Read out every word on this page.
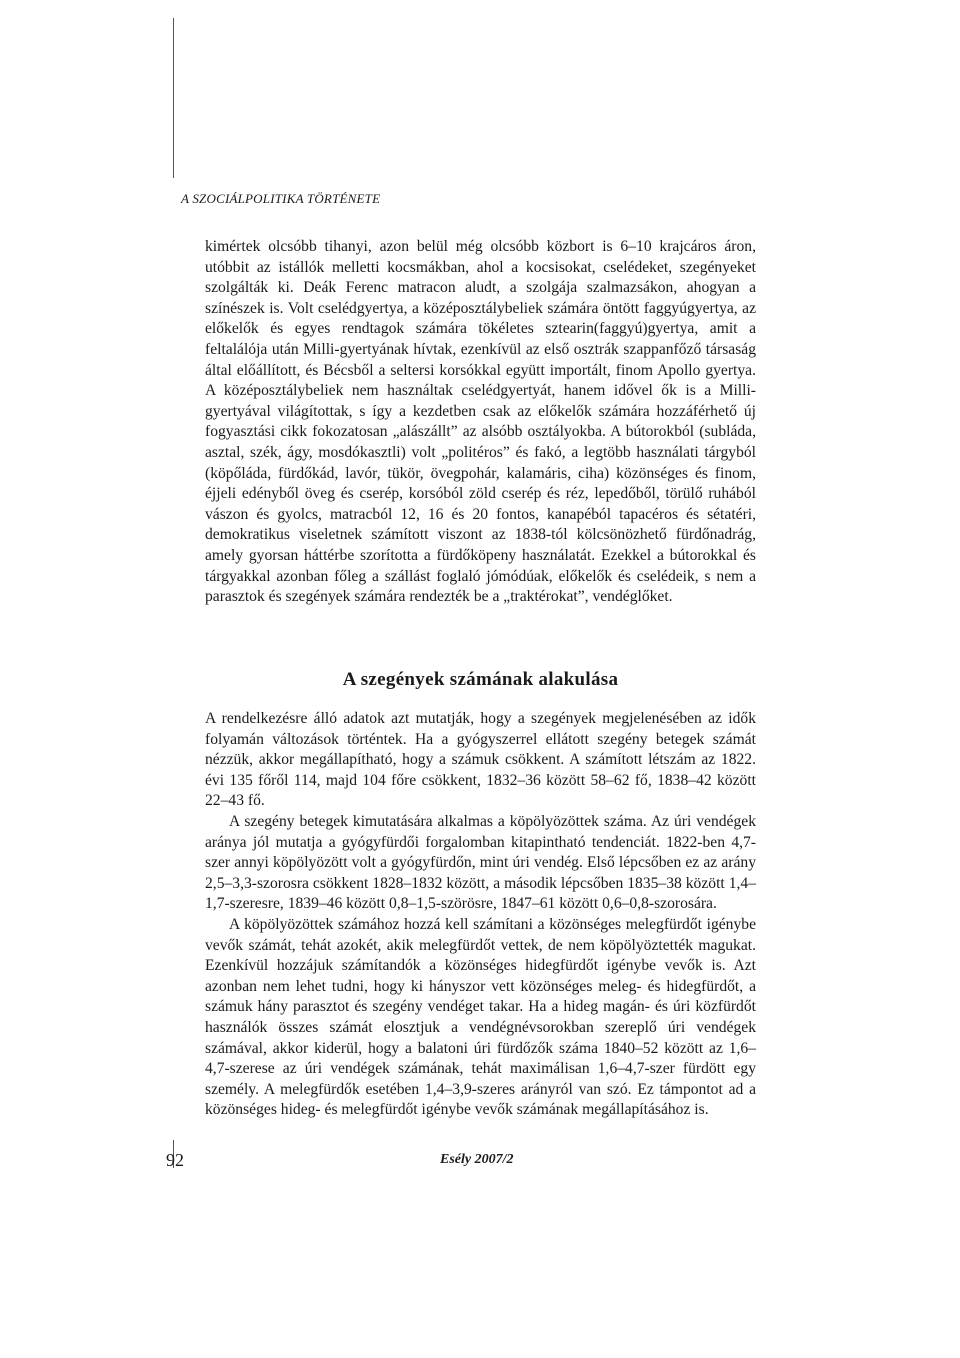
A SZOCIÁLPOLITIKA TÖRTÉNETE

kimértek olcsóbb tihanyi, azon belül még olcsóbb közbort is 6–10 krajcáros áron, utóbbit az istállók melletti kocsmákban, ahol a kocsisokat, cselédeket, szegényeket szolgálták ki. Deák Ferenc matracon aludt, a szolgája szalmazsákon, ahogyan a színészek is. Volt cselédgyertya, a középosztálybeliek számára öntött faggyúgyertya, az előkelők és egyes rendtagok számára tökéletes sztearin(faggyú)gyertya, amit a feltalálója után Milli-gyertyának hívtak, ezenkívül az első osztrák szappanfőző társaság által előállított, és Bécsből a seltersi korsókkal együtt importált, finom Apollo gyertya. A középosztálybeliek nem használtak cselédgyertyát, hanem idővel ők is a Milli-gyertyával világítottak, s így a kezdetben csak az előkelők számára hozzáférhető új fogyasztási cikk fokozatosan „alászállt” az alsóbb osztályokba. A bútorokból (subláda, asztal, szék, ágy, mosdókasztli) volt „politéros” és fakó, a legtöbb használati tárgyból (köpőláda, fürdőkád, lavór, tükör, övegpohár, kalamáris, ciha) közönséges és finom, éjjeli edényből öveg és cserép, korsóból zöld cserép és réz, lepedőből, törülő ruhából vászon és gyolcs, matracból 12, 16 és 20 fontos, kanapéból tapacéros és sétatéri, demokratikus viseletnek számított viszont az 1838-tól kölcsönözhető fürdőnadrág, amely gyorsan háttérbe szorította a fürdőköpeny használatát. Ezekkel a bútorokkal és tárgyakkal azonban főleg a szállást foglaló jómódúak, előkelők és cselédeik, s nem a parasztok és szegények számára rendezték be a „traktérokat”, vendéglőket.

A szegények számának alakulása

A rendelkezésre álló adatok azt mutatják, hogy a szegények megjelenésében az idők folyamán változások történtek. Ha a gyógyszerrel ellátott szegény betegek számát nézzük, akkor megállapítható, hogy a számuk csökkent. A számított létszám az 1822. évi 135 főről 114, majd 104 főre csökkent, 1832–36 között 58–62 fő, 1838–42 között 22–43 fő.

A szegény betegek kimutatására alkalmas a köpölyözöttek száma. Az úri vendégek aránya jól mutatja a gyógyfürdői forgalomban kitapintható tendenciát. 1822-ben 4,7-szer annyi köpölyözött volt a gyógyfürdőn, mint úri vendég. Első lépcsőben ez az arány 2,5–3,3-szorosra csökkent 1828–1832 között, a második lépcsőben 1835–38 között 1,4–1,7-szeresre, 1839–46 között 0,8–1,5-szörösre, 1847–61 között 0,6–0,8-szorosára.

A köpölyözöttek számához hozzá kell számítani a közönséges melegfürdőt igénybe vevők számát, tehát azokét, akik melegfürdőt vettek, de nem köpölyöztették magukat. Ezenkívül hozzájuk számítandók a közönséges hidegfürdőt igénybe vevők is. Azt azonban nem lehet tudni, hogy ki hányszor vett közönséges meleg- és hidegfürdőt, a számuk hány parasztot és szegény vendéget takar. Ha a hideg magán- és úri közfürdőt használók összes számát elosztjuk a vendégnévsorokban szereplő úri vendégek számával, akkor kiderül, hogy a balatoni úri fürdőzők száma 1840–52 között az 1,6–4,7-szerese az úri vendégek számának, tehát maximálisan 1,6–4,7-szer fürdött egy személy. A melegfürdők esetében 1,4–3,9-szeres arányról van szó. Ez támpontot ad a közönséges hideg- és melegfürdőt igénybe vevők számának megállapításához is.

92	Esély 2007/2
